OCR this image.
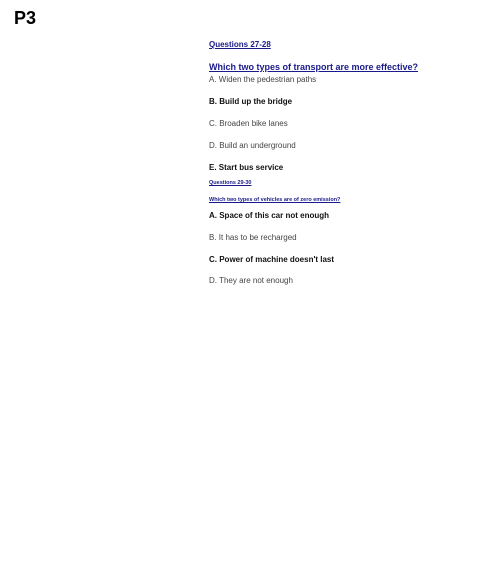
P3
Questions 27-28
Which two types of transport are more effective?
A. Widen the pedestrian paths
B. Build up the bridge
C. Broaden bike lanes
D. Build an underground
E. Start bus service
Questions 29-30
Which two types of vehicles are of zero emission?
A. Space of this car not enough
B. It has to be recharged
C. Power of machine doesn't last
D. They are not enough
